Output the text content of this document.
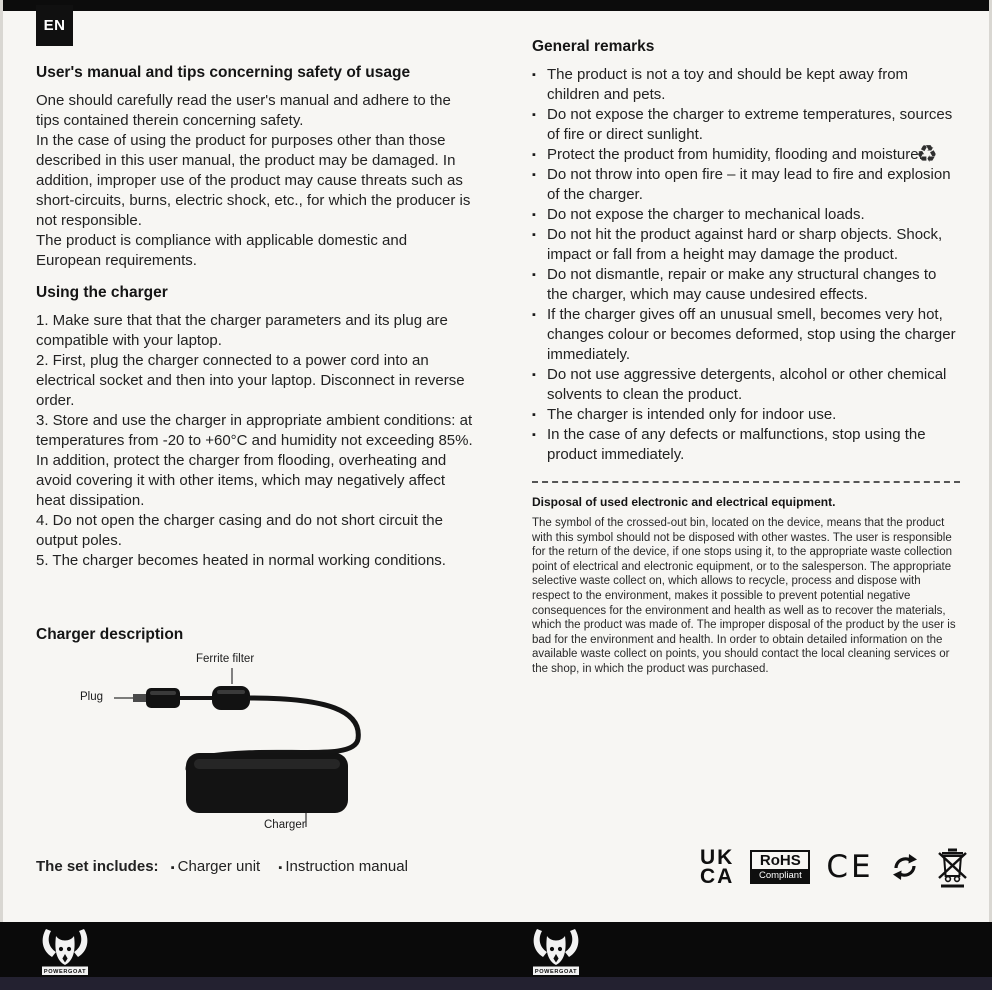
EN
User's manual and tips concerning safety of usage
One should carefully read the user's manual and adhere to the tips contained therein concerning safety.
In the case of using the product for purposes other than those described in this user manual, the product may be damaged. In addition, improper use of the product may cause threats such as short-circuits, burns, electric shock, etc., for which the producer is not responsible.
The product is compliance with applicable domestic and European requirements.
Using the charger
1. Make sure that that the charger parameters and its plug are compatible with your laptop.
2. First, plug the charger connected to a power cord into an electrical socket and then into your laptop. Disconnect in reverse order.
3. Store and use the charger in appropriate ambient conditions: at temperatures from -20 to +60°C and humidity not exceeding 85%. In addition, protect the charger from flooding, overheating and avoid covering it with other items, which may negatively affect heat dissipation.
4. Do not open the charger casing and do not short circuit the output poles.
5. The charger becomes heated in normal working conditions.
Charger description
Ferrite filter
Plug
Charger
The set includes: ▪ Charger unit ▪ Instruction manual
General remarks
▪ The product is not a toy and should be kept away from children and pets.
▪ Do not expose the charger to extreme temperatures, sources of fire or direct sunlight.
▪ Protect the product from humidity, flooding and moisture.
▪ Do not throw into open fire – it may lead to fire and explosion of the charger.
▪ Do not expose the charger to mechanical loads.
▪ Do not hit the product against hard or sharp objects. Shock, impact or fall from a height may damage the product.
▪ Do not dismantle, repair or make any structural changes to the charger, which may cause undesired effects.
▪ If the charger gives off an unusual smell, becomes very hot, changes colour or becomes deformed, stop using the charger immediately.
▪ Do not use aggressive detergents, alcohol or other chemical solvents to clean the product.
▪ The charger is intended only for indoor use.
▪ In the case of any defects or malfunctions, stop using the product immediately.
Disposal of used electronic and electrical equipment.
The symbol of the crossed-out bin, located on the device, means that the product with this symbol should not be disposed with other wastes. The user is responsible for the return of the device, if one stops using it, to the appropriate waste collection point of electrical and electronic equipment, or to the salesperson. The appropriate selective waste collect on, which allows to recycle, process and dispose with respect to the environment, makes it possible to prevent potential negative consequences for the environment and health as well as to recover the materials, which the product was made of. The improper disposal of the product by the user is bad for the environment and health. In order to obtain detailed information on the available waste collect on points, you should contact the local cleaning services or the shop, in which the product was purchased.
♻
UK
CA
RoHS
Compliant CE
POWERGOAT	POWERGOAT
